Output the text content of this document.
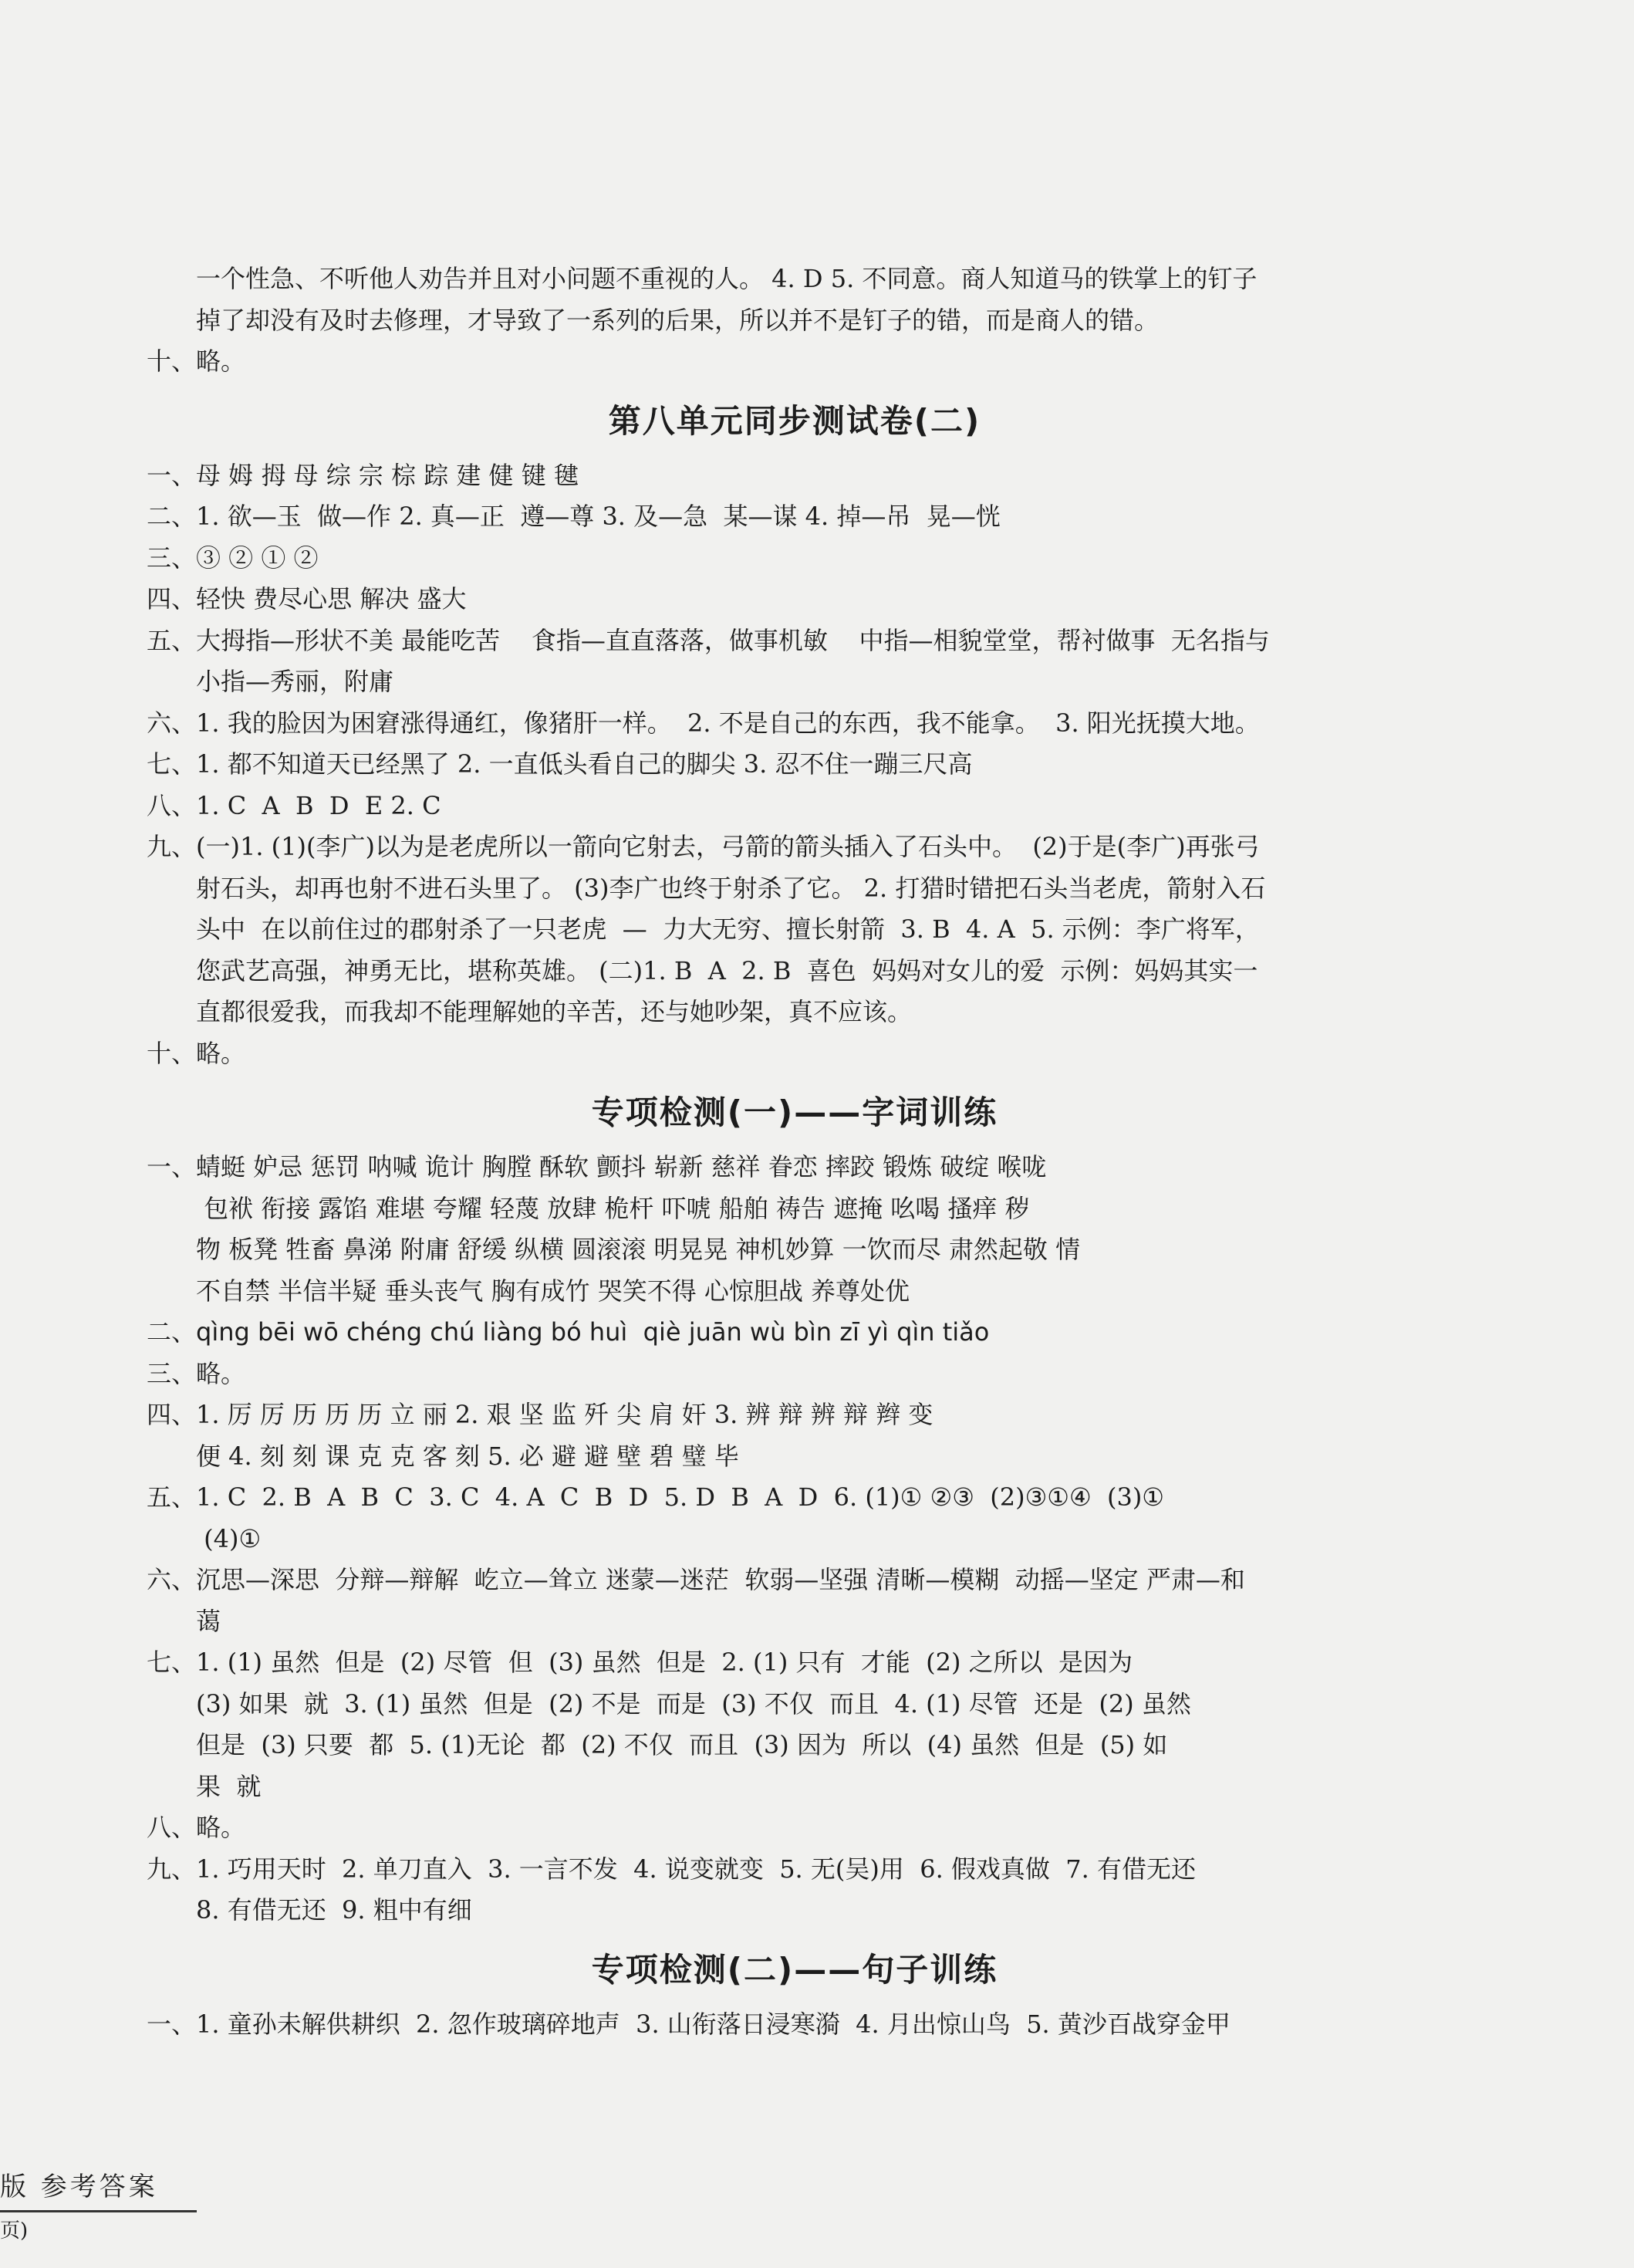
一个性急、不听他人劝告并且对小问题不重视的人。 4. D 5. 不同意。商人知道马的铁掌上的钉子
掉了却没有及时去修理，才导致了一系列的后果，所以并不是钉子的错，而是商人的错。
十、略。
第八单元同步测试卷(二)
一、母 姆 拇 母 综 宗 棕 踪 建 健 键 毽
二、1. 欲—玉  做—作 2. 真—正  遵—尊 3. 及—急  某—谋 4. 掉—吊  晃—恍
三、③ ② ① ②
四、轻快 费尽心思 解决 盛大
五、大拇指—形状不美 最能吃苦    食指—直直落落，做事机敏    中指—相貌堂堂，帮衬做事  无名指与
小指—秀丽，附庸
六、1. 我的脸因为困窘涨得通红，像猪肝一样。  2. 不是自己的东西，我不能拿。  3. 阳光抚摸大地。
七、1. 都不知道天已经黑了 2. 一直低头看自己的脚尖 3. 忍不住一蹦三尺高
八、1. C  A  B  D  E 2. C
九、(一)1. (1)(李广)以为是老虎所以一箭向它射去，弓箭的箭头插入了石头中。  (2)于是(李广)再张弓
射石头，却再也射不进石头里了。 (3)李广也终于射杀了它。 2. 打猎时错把石头当老虎，箭射入石
头中  在以前住过的郡射杀了一只老虎  —  力大无穷、擅长射箭  3. B  4. A  5. 示例：李广将军，
您武艺高强，神勇无比，堪称英雄。 (二)1. B  A  2. B  喜色  妈妈对女儿的爱  示例：妈妈其实一
直都很爱我，而我却不能理解她的辛苦，还与她吵架，真不应该。
十、略。
专项检测(一)——字词训练
一、蜻蜓 妒忌 惩罚 呐喊 诡计 胸膛 酥软 颤抖 崭新 慈祥 眷恋 摔跤 锻炼 破绽 喉咙
包袱 衔接 露馅 难堪 夸耀 轻蔑 放肆 桅杆 吓唬 船舶 祷告 遮掩 吆喝 搔痒 秽
物 板凳 牲畜 鼻涕 附庸 舒缓 纵横 圆滚滚 明晃晃 神机妙算 一饮而尽 肃然起敬 情
不自禁 半信半疑 垂头丧气 胸有成竹 哭笑不得 心惊胆战 养尊处优
二、qìng bēi wō chéng chú liàng bó huì  qiè juān wù bìn zī yì qìn tiǎo
三、略。
四、1. 厉 厉 历 历 历 立 丽 2. 艰 坚 监 歼 尖 肩 奸 3. 辨 辩 辨 辩 辫 变
便 4. 刻 刻 课 克 克 客 刻 5. 必 避 避 壁 碧 璧 毕
五、1. C  2. B  A  B  C  3. C  4. A  C  B  D  5. D  B  A  D  6. (1)① ②③  (2)③①④  (3)①
(4)①
六、沉思—深思  分辩—辩解  屹立—耸立 迷蒙—迷茫  软弱—坚强 清晰—模糊  动摇—坚定 严肃—和
蔼
七、1. (1) 虽然  但是  (2) 尽管  但  (3) 虽然  但是  2. (1) 只有  才能  (2) 之所以  是因为
(3) 如果  就  3. (1) 虽然  但是  (2) 不是  而是  (3) 不仅  而且  4. (1) 尽管  还是  (2) 虽然
但是  (3) 只要  都  5. (1)无论  都  (2) 不仅  而且  (3) 因为  所以  (4) 虽然  但是  (5) 如
果  就
八、略。
九、1. 巧用天时  2. 单刀直入  3. 一言不发  4. 说变就变  5. 无(吴)用  6. 假戏真做  7. 有借无还
8. 有借无还  9. 粗中有细
专项检测(二)——句子训练
一、1. 童孙未解供耕织  2. 忽作玻璃碎地声  3. 山衔落日浸寒漪  4. 月出惊山鸟  5. 黄沙百战穿金甲
版 参考答案
页)
